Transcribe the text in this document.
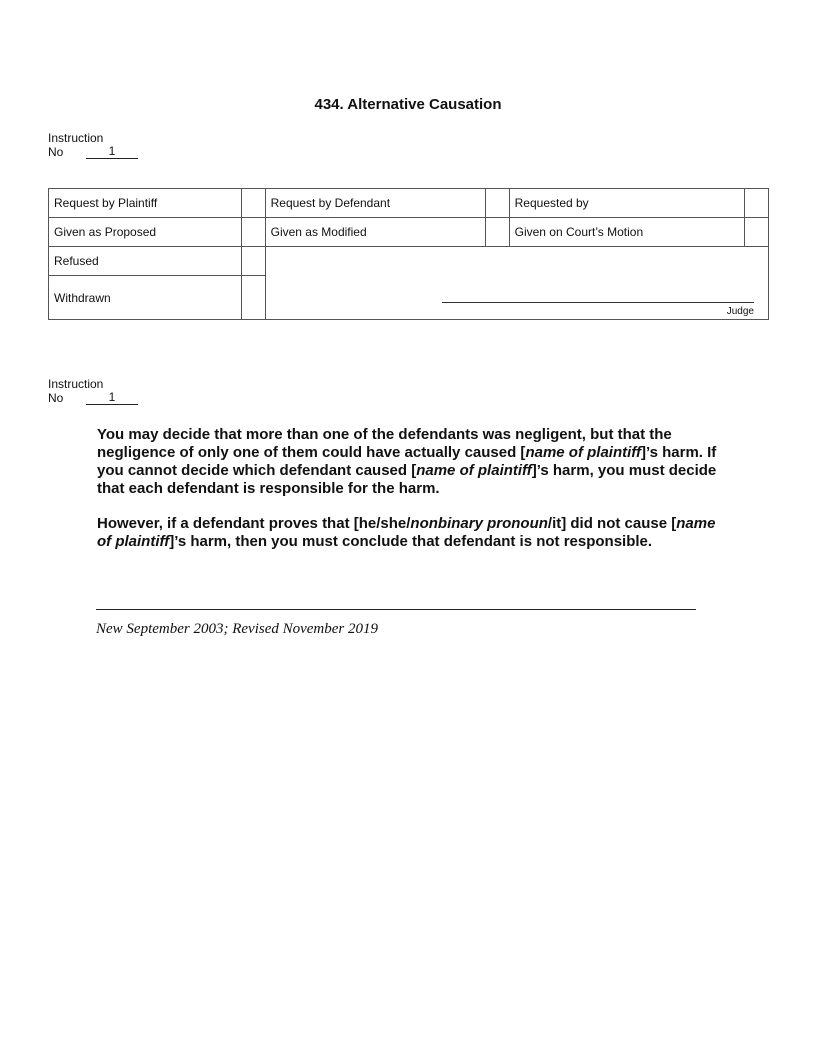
434. Alternative Causation
Instruction
No	1
Request by Plaintiff		Request by Defendant		Requested by	
Given as Proposed		Given as Modified		Given on Court’s Motion	
Refused		Judge			

Withdrawn					
Instruction
No	1

You may decide that more than one of the defendants was negligent, but that the negligence of only one of them could have actually caused [name of plaintiff]’s harm. If you cannot decide which defendant caused [name of plaintiff]’s harm, you must decide that each defendant is responsible for the harm.

However, if a defendant proves that [he/she/nonbinary pronoun/it] did not cause [name of plaintiff]’s harm, then you must conclude that defendant is not responsible.

New September 2003; Revised November 2019
